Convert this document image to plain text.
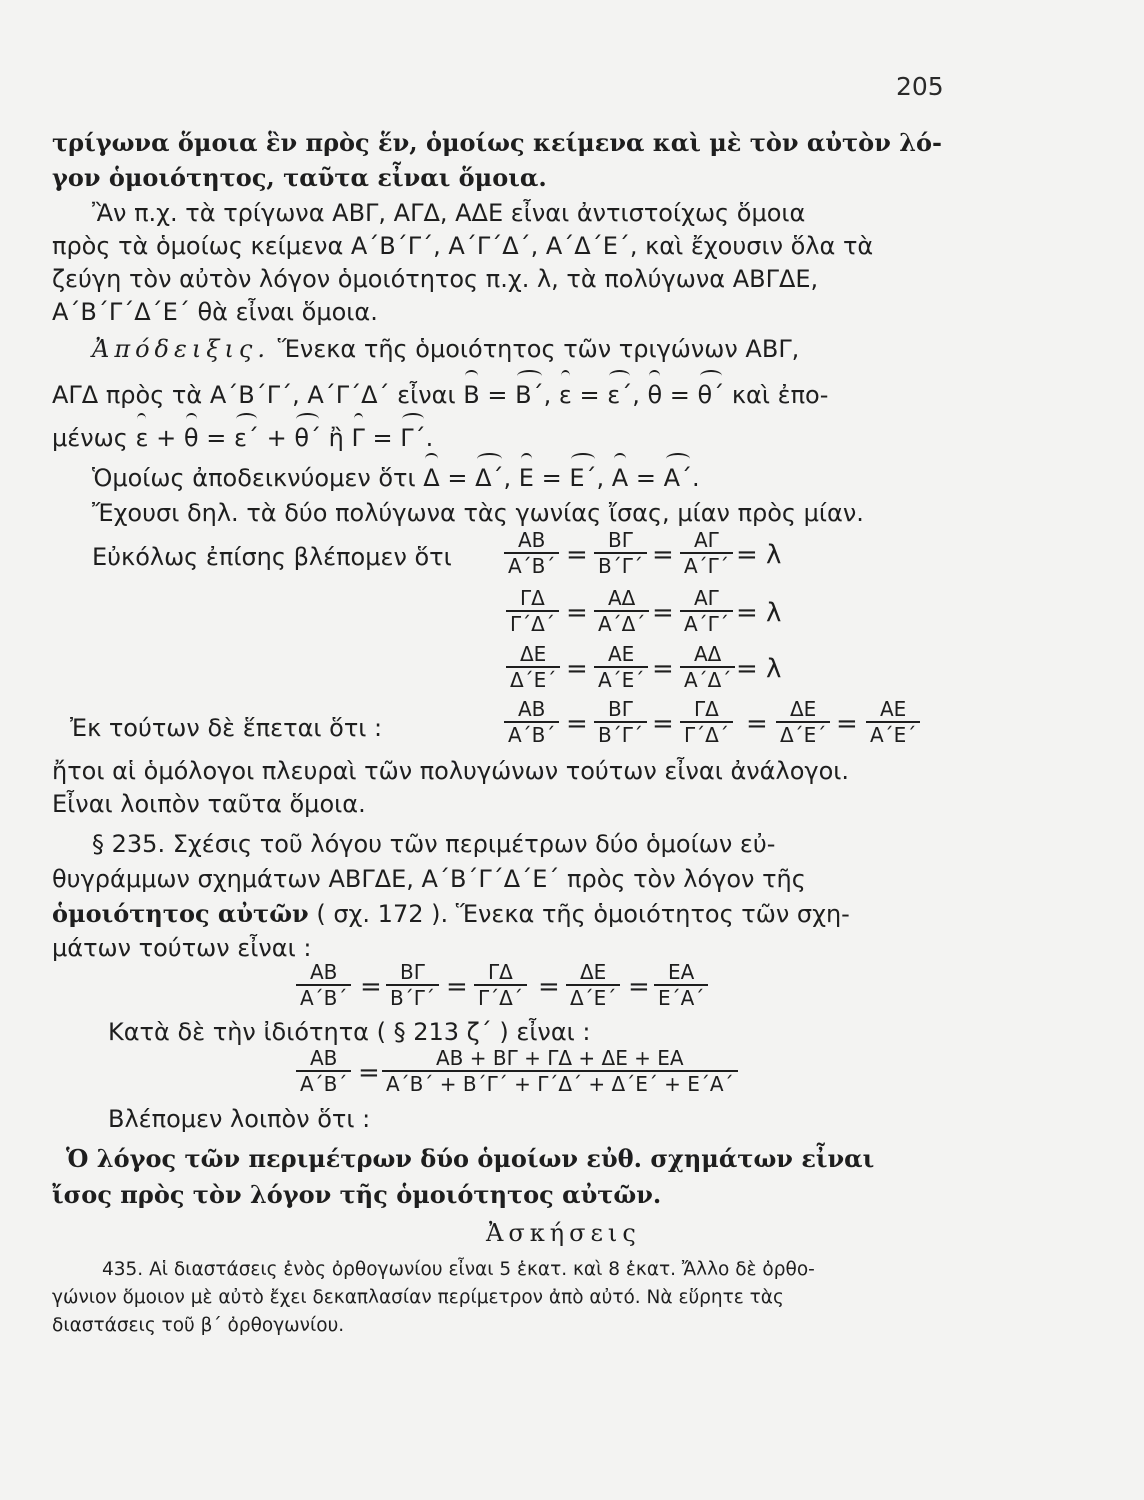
205
τρίγωνα ὅμοια ἓν πρὸς ἕν, ὁμοίως κείμενα καὶ μὲ τὸν αὐτὸν λό-
γον ὁμοιότητος, ταῦτα εἶναι ὅμοια.
Ἂν π.χ. τὰ τρίγωνα ΑΒΓ, ΑΓΔ, ΑΔΕ εἶναι ἀντιστοίχως ὅμοια
πρὸς τὰ ὁμοίως κείμενα Α΄Β΄Γ΄, Α΄Γ΄Δ΄, Α΄Δ΄Ε΄, καὶ ἔχουσιν ὅλα τὰ
ζεύγη τὸν αὐτὸν λόγον ὁμοιότητος π.χ. λ, τὰ πολύγωνα ΑΒΓΔΕ,
Α΄Β΄Γ΄Δ΄Ε΄ θὰ εἶναι ὅμοια.
Ἀπόδειξις. Ἕνεκα τῆς ὁμοιότητος τῶν τριγώνων ΑΒΓ,
ΑΓΔ πρὸς τὰ Α΄Β΄Γ΄, Α΄Γ΄Δ΄ εἶναι Β = Β΄, ε = ε΄, θ = θ΄ καὶ ἐπο-
μένως ε + θ = ε΄ + θ΄ ἢ Γ = Γ΄.
Ὁμοίως ἀποδεικνύομεν ὅτι Δ = Δ΄, Ε = Ε΄, Α = Α΄.
Ἔχουσι δηλ. τὰ δύο πολύγωνα τὰς γωνίας ἴσας, μίαν πρὸς μίαν.
Εὐκόλως ἐπίσης βλέπομεν ὅτι	$\frac{AB}{A΄B΄} = \frac{B\Gamma}{B΄\Gamma΄} = \frac{A\Gamma}{A΄\Gamma΄} = \lambda$
$\frac{\Gamma\Delta}{\Gamma΄\Delta΄} = \frac{A\Delta}{A΄\Delta΄} = \frac{A\Gamma}{A΄\Gamma΄} = \lambda$
$\frac{\Delta E}{\Delta΄E΄} = \frac{AE}{A΄E΄} = \frac{A\Delta}{A΄\Delta΄} = \lambda$
Ἐκ τούτων δὲ ἕπεται ὅτι :	$\frac{AB}{A΄B΄} = \frac{B\Gamma}{B΄\Gamma΄} = \frac{\Gamma\Delta}{\Gamma΄\Delta΄} = \frac{\Delta E}{\Delta΄E΄} = \frac{AE}{A΄E΄}$
ἤτοι αἱ ὁμόλογοι πλευραὶ τῶν πολυγώνων τούτων εἶναι ἀνάλογοι.
Εἶναι λοιπὸν ταῦτα ὅμοια.
§ 235. Σχέσις τοῦ λόγου τῶν περιμέτρων δύο ὁμοίων εὐ-
θυγράμμων σχημάτων ΑΒΓΔΕ, Α΄Β΄Γ΄Δ΄Ε΄ πρὸς τὸν λόγον τῆς
ὁμοιότητος αὐτῶν ( σχ. 172 ). Ἕνεκα τῆς ὁμοιότητος τῶν σχη-
μάτων τούτων εἶναι :
$\frac{AB}{A΄B΄} = \frac{B\Gamma}{B΄\Gamma΄} = \frac{\Gamma\Delta}{\Gamma΄\Delta΄} = \frac{\Delta E}{\Delta΄E΄} = \frac{EA}{E΄A΄}$
Κατὰ δὲ τὴν ἰδιότητα ( § 213 ζ΄ ) εἶναι :
$\frac{AB}{A΄B΄} = \frac{AB + B\Gamma + \Gamma\Delta + \Delta E + EA}{A΄B΄ + B΄\Gamma΄ + \Gamma΄\Delta΄ + \Delta΄E΄ + E΄A΄}$
Βλέπομεν λοιπὸν ὅτι :
Ὁ λόγος τῶν περιμέτρων δύο ὁμοίων εὐθ. σχημάτων εἶναι
ἴσος πρὸς τὸν λόγον τῆς ὁμοιότητος αὐτῶν.
Ἀσκήσεις
435. Αἱ διαστάσεις ἑνὸς ὀρθογωνίου εἶναι 5 ἑκατ. καὶ 8 ἑκατ. Ἄλλο δὲ ὀρθο-
γώνιον ὅμοιον μὲ αὐτὸ ἔχει δεκαπλασίαν περίμετρον ἀπὸ αὐτό. Νὰ εὕρητε τὰς
διαστάσεις τοῦ β΄ ὀρθογωνίου.
